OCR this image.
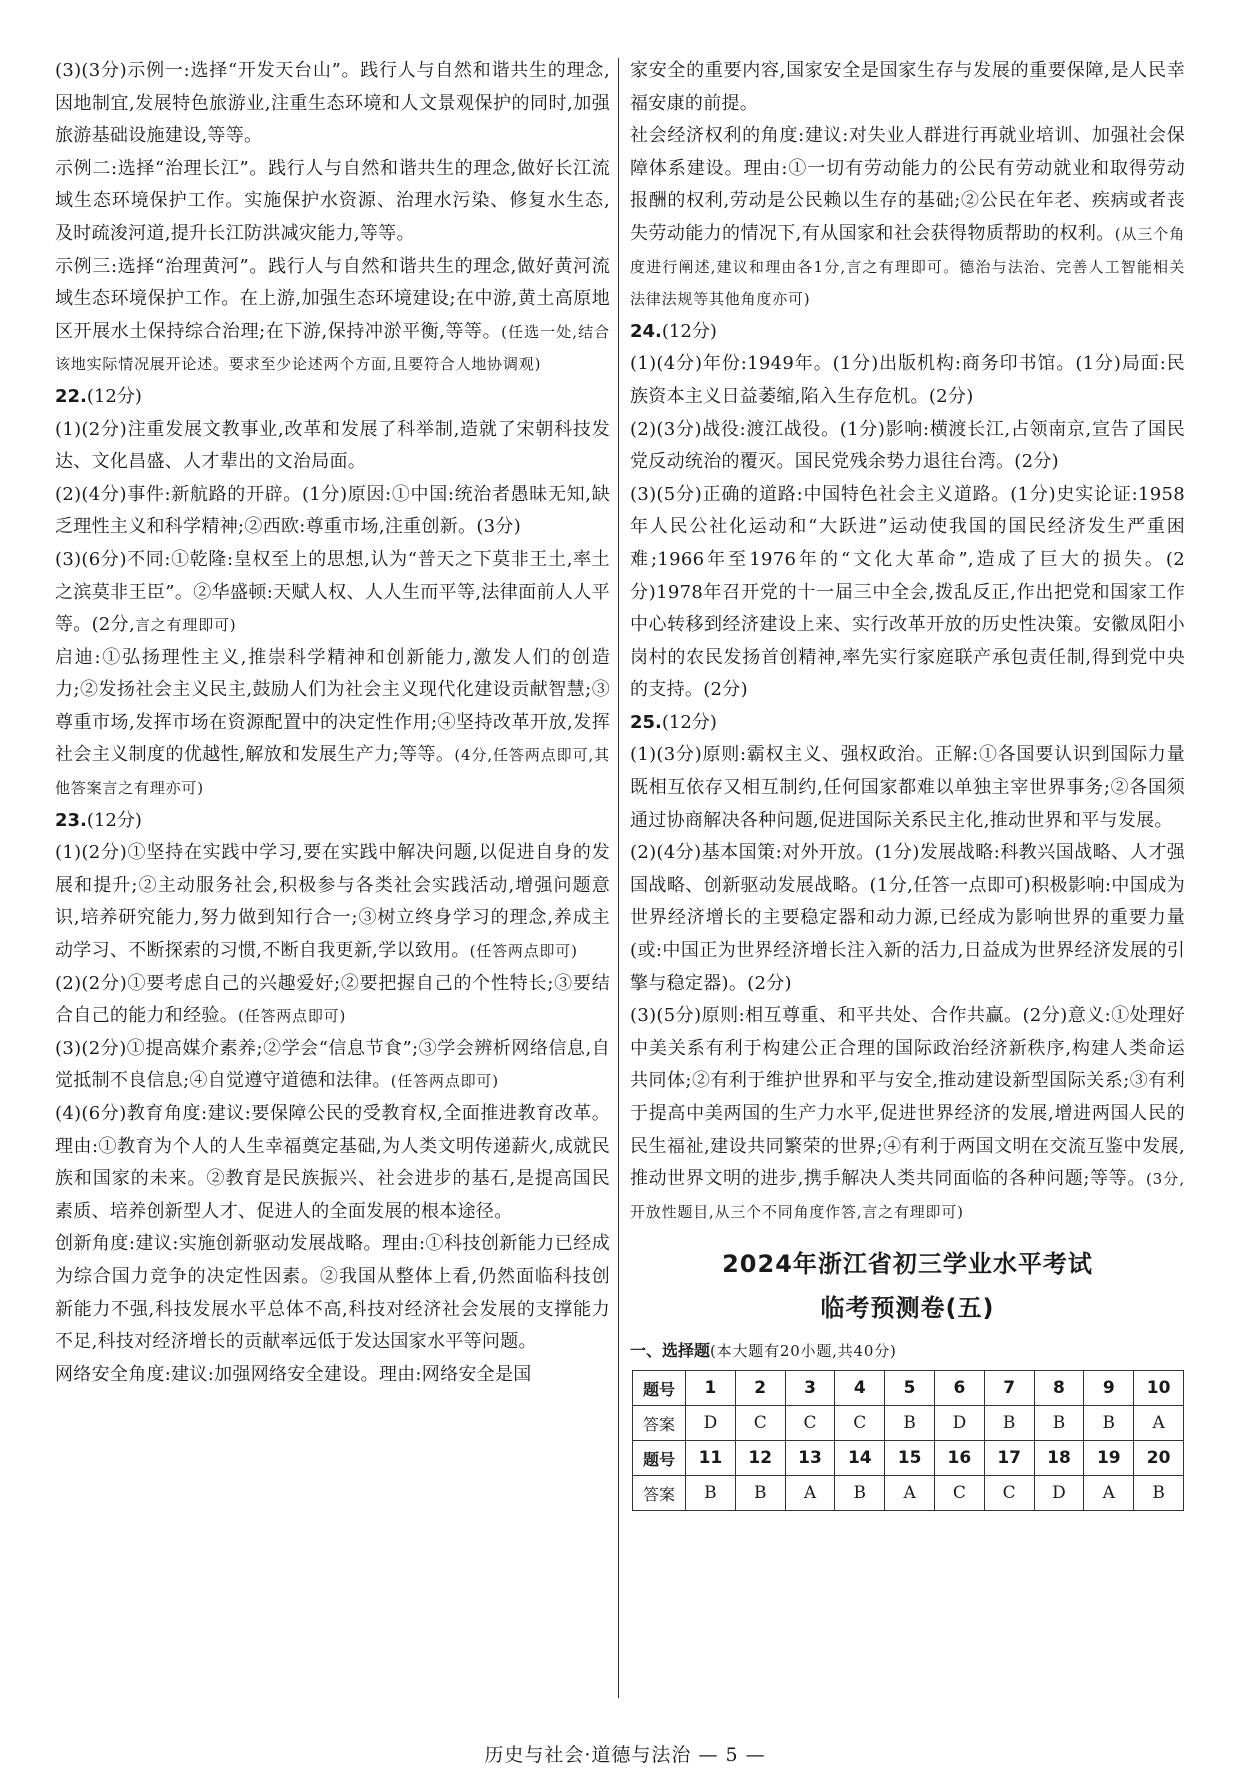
(3)(3分)示例一:选择“开发天台山”。践行人与自然和谐共生的理念,因地制宜,发展特色旅游业,注重生态环境和人文景观保护的同时,加强旅游基础设施建设,等等。

示例二:选择“治理长江”。践行人与自然和谐共生的理念,做好长江流域生态环境保护工作。实施保护水资源、治理水污染、修复水生态,及时疏浚河道,提升长江防洪减灾能力,等等。

示例三:选择“治理黄河”。践行人与自然和谐共生的理念,做好黄河流域生态环境保护工作。在上游,加强生态环境建设;在中游,黄土高原地区开展水土保持综合治理;在下游,保持冲淤平衡,等等。(任选一处,结合该地实际情况展开论述。要求至少论述两个方面,且要符合人地协调观)

22.(12分)

(1)(2分)注重发展文教事业,改革和发展了科举制,造就了宋朝科技发达、文化昌盛、人才辈出的文治局面。

(2)(4分)事件:新航路的开辟。(1分)原因:①中国:统治者愚昧无知,缺乏理性主义和科学精神;②西欧:尊重市场,注重创新。(3分)

(3)(6分)不同:①乾隆:皇权至上的思想,认为“普天之下莫非王土,率土之滨莫非王臣”。②华盛顿:天赋人权、人人生而平等,法律面前人人平等。(2分,言之有理即可)

启迪:①弘扬理性主义,推崇科学精神和创新能力,激发人们的创造力;②发扬社会主义民主,鼓励人们为社会主义现代化建设贡献智慧;③尊重市场,发挥市场在资源配置中的决定性作用;④坚持改革开放,发挥社会主义制度的优越性,解放和发展生产力;等等。(4分,任答两点即可,其他答案言之有理亦可)

23.(12分)

(1)(2分)①坚持在实践中学习,要在实践中解决问题,以促进自身的发展和提升;②主动服务社会,积极参与各类社会实践活动,增强问题意识,培养研究能力,努力做到知行合一;③树立终身学习的理念,养成主动学习、不断探索的习惯,不断自我更新,学以致用。(任答两点即可)

(2)(2分)①要考虑自己的兴趣爱好;②要把握自己的个性特长;③要结合自己的能力和经验。(任答两点即可)

(3)(2分)①提高媒介素养;②学会“信息节食”;③学会辨析网络信息,自觉抵制不良信息;④自觉遵守道德和法律。(任答两点即可)

(4)(6分)教育角度:建议:要保障公民的受教育权,全面推进教育改革。理由:①教育为个人的人生幸福奠定基础,为人类文明传递薪火,成就民族和国家的未来。②教育是民族振兴、社会进步的基石,是提高国民素质、培养创新型人才、促进人的全面发展的根本途径。

创新角度:建议:实施创新驱动发展战略。理由:①科技创新能力已经成为综合国力竞争的决定性因素。②我国从整体上看,仍然面临科技创新能力不强,科技发展水平总体不高,科技对经济社会发展的支撑能力不足,科技对经济增长的贡献率远低于发达国家水平等问题。

网络安全角度:建议:加强网络安全建设。理由:网络安全是国

家安全的重要内容,国家安全是国家生存与发展的重要保障,是人民幸福安康的前提。

社会经济权利的角度:建议:对失业人群进行再就业培训、加强社会保障体系建设。理由:①一切有劳动能力的公民有劳动就业和取得劳动报酬的权利,劳动是公民赖以生存的基础;②公民在年老、疾病或者丧失劳动能力的情况下,有从国家和社会获得物质帮助的权利。(从三个角度进行阐述,建议和理由各1分,言之有理即可。德治与法治、完善人工智能相关法律法规等其他角度亦可)

24.(12分)

(1)(4分)年份:1949年。(1分)出版机构:商务印书馆。(1分)局面:民族资本主义日益萎缩,陷入生存危机。(2分)

(2)(3分)战役:渡江战役。(1分)影响:横渡长江,占领南京,宣告了国民党反动统治的覆灭。国民党残余势力退往台湾。(2分)

(3)(5分)正确的道路:中国特色社会主义道路。(1分)史实论证:1958年人民公社化运动和“大跃进”运动使我国的国民经济发生严重困难;1966年至1976年的“文化大革命”,造成了巨大的损失。(2分)1978年召开党的十一届三中全会,拨乱反正,作出把党和国家工作中心转移到经济建设上来、实行改革开放的历史性决策。安徽凤阳小岗村的农民发扬首创精神,率先实行家庭联产承包责任制,得到党中央的支持。(2分)

25.(12分)

(1)(3分)原则:霸权主义、强权政治。正解:①各国要认识到国际力量既相互依存又相互制约,任何国家都难以单独主宰世界事务;②各国须通过协商解决各种问题,促进国际关系民主化,推动世界和平与发展。

(2)(4分)基本国策:对外开放。(1分)发展战略:科教兴国战略、人才强国战略、创新驱动发展战略。(1分,任答一点即可)积极影响:中国成为世界经济增长的主要稳定器和动力源,已经成为影响世界的重要力量(或:中国正为世界经济增长注入新的活力,日益成为世界经济发展的引擎与稳定器)。(2分)

(3)(5分)原则:相互尊重、和平共处、合作共赢。(2分)意义:①处理好中美关系有利于构建公正合理的国际政治经济新秩序,构建人类命运共同体;②有利于维护世界和平与安全,推动建设新型国际关系;③有利于提高中美两国的生产力水平,促进世界经济的发展,增进两国人民的民生福祉,建设共同繁荣的世界;④有利于两国文明在交流互鉴中发展,推动世界文明的进步,携手解决人类共同面临的各种问题;等等。(3分,开放性题目,从三个不同角度作答,言之有理即可)

2024年浙江省初三学业水平考试

临考预测卷(五)

一、选择题(本大题有20小题,共40分)

题号	1	2	3	4	5	6	7	8	9	10
答案	D	C	C	C	B	D	B	B	B	A
题号	11	12	13	14	15	16	17	18	19	20
答案	B	B	A	B	A	C	C	D	A	B
历史与社会·道德与法治 — 5 —
